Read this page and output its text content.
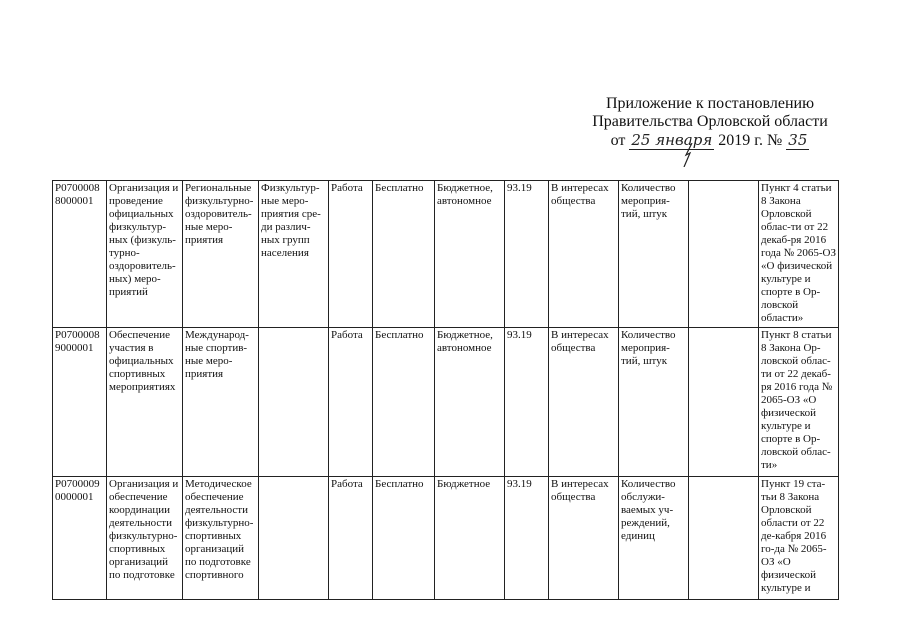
Приложение к постановлению
Правительства Орловской области
от 25 января 2019 г. № 35
Р0700008 8000001	Организация и проведение официальных физкультур-ных (физкуль-турно-оздоровитель-ных) меро-приятий	Региональные физкультурно-оздоровитель-ные меро-приятия	Физкультур-ные меро-приятия сре-ди различ-ных групп населения	Работа	Бесплатно	Бюджетное, автономное	93.19	В интересах общества	Количество мероприя-тий, штук		Пункт 4 статьи 8 Закона Орловской облас-ти от 22 декаб-ря 2016 года № 2065-ОЗ «О физической культуре и спорте в Ор-ловской области»
Р0700008 9000001	Обеспечение участия в официальных спортивных мероприятиях	Международ-ные спортив-ные меро-приятия		Работа	Бесплатно	Бюджетное, автономное	93.19	В интересах общества	Количество мероприя-тий, штук		Пункт 8 статьи 8 Закона Ор-ловской облас-ти от 22 декаб-ря 2016 года № 2065-ОЗ «О физической культуре и спорте в Ор-ловской облас-ти»
Р0700009 0000001	Организация и обеспечение координации деятельности физкультурно-спортивных организаций по подготовке	Методическое обеспечение деятельности физкультурно-спортивных организаций по подготовке спортивного		Работа	Бесплатно	Бюджетное	93.19	В интересах общества	Количество обслужи-ваемых уч-реждений, единиц		Пункт 19 ста-тьи 8 Закона Орловской области от 22 де-кабря 2016 го-да № 2065-ОЗ «О физической культуре и
